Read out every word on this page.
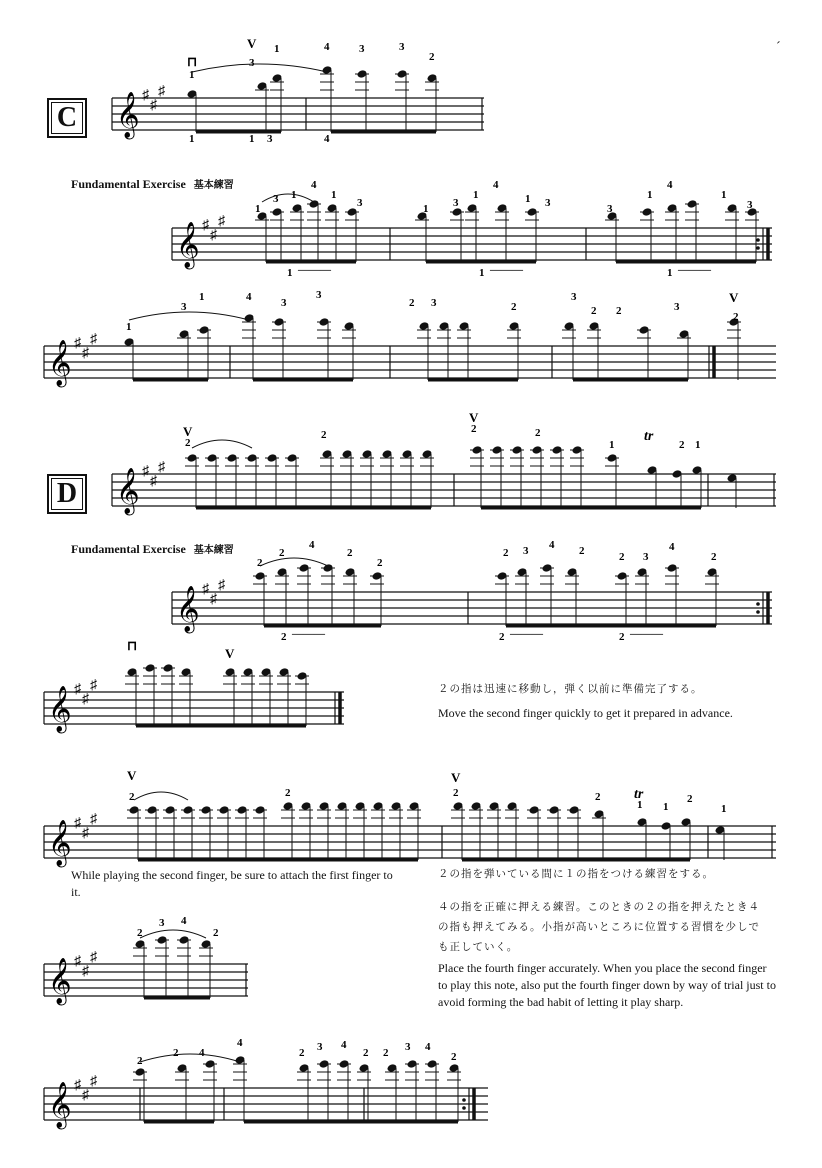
ˊ
C
D
Fundamental Exercise 基本練習
Fundamental Exercise 基本練習
２の指は迅速に移動し，弾く以前に準備完了する。
Move the second finger quickly to get it prepared in advance.
While playing the second finger, be sure to attach the first finger to it.
２の指を弾いている間に１の指をつける練習をする。
４の指を正確に押える練習。このときの２の指を押えたとき４の指も押えてみる。小指が高いところに位置する習慣を少しでも正していく。
Place the fourth finger accurately. When you place the second finger to play this note, also put the fourth finger down by way of trial just to avoid forming the bad habit of letting it play sharp.
𝄞 ♯
♯
♯
1
3
1	4	3	3
2
1	1 3	4
⊓
V
𝄞 ♯
♯
♯
1
3 1
4
1
3	1 3
1
4
1 3	3
1
4
1
3
1 ———	1 ———	1 ———
𝄞 ♯
♯
♯
1
3
1	4	3
3
2 3	2
3
2 2	3
2
V
𝄞 ♯
♯
♯
2
2	2	2
1	2 1
V
V
tr
𝄞 ♯
♯
♯
2
2
4
2
2
2 3 4 2	2 3
4
2
2 ———	2 ———	2 ———
𝄞 ♯
♯
♯
⊓
V
𝄞 ♯
♯
♯
2	2	2	2
1 1
2
1
V	V
tr
𝄞 ♯
♯
♯
2
3 4
2
𝄞 ♯
♯
♯
2
2 4
4
2 3 4
2 2 3 4
2
